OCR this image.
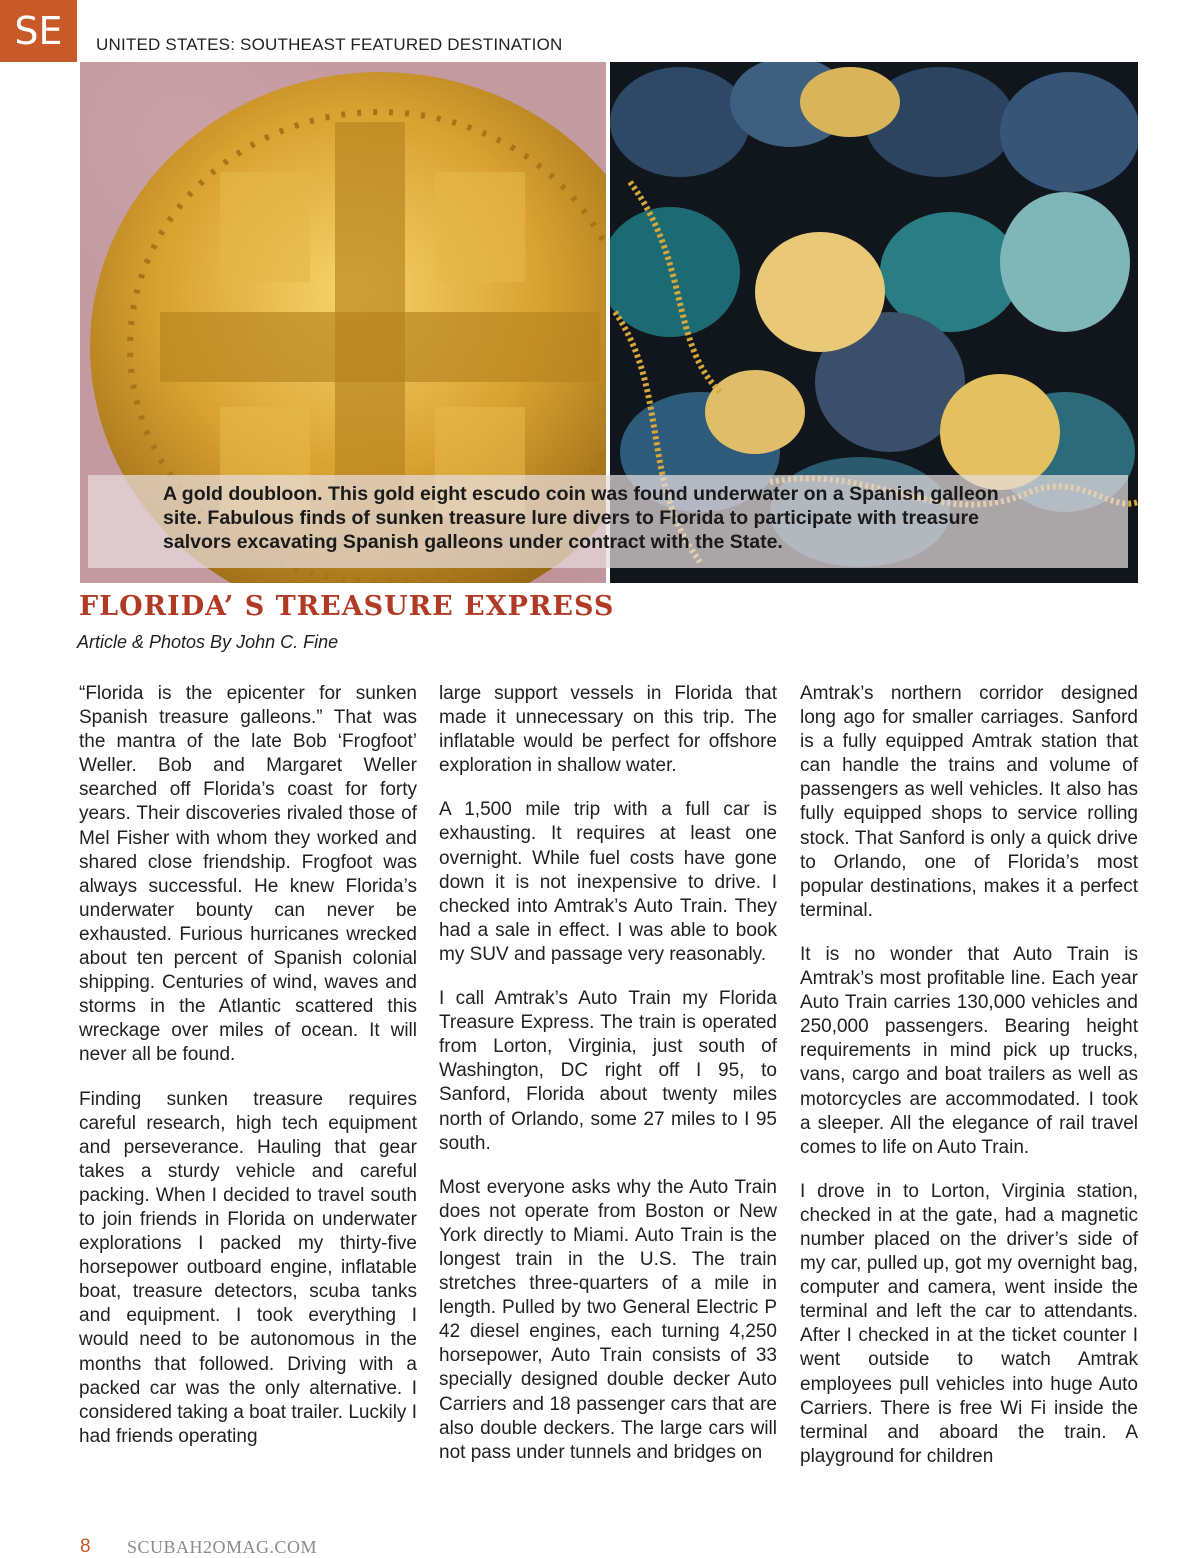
SE	UNITED STATES: SOUTHEAST FEATURED DESTINATION
A gold doubloon. This gold eight escudo coin was found underwater on a Spanish galleon site. Fabulous finds of sunken treasure lure divers to Florida to participate with treasure salvors excavating Spanish galleons under contract with the State.
FLORIDA’ S TREASURE EXPRESS
Article & Photos By John C. Fine

“Florida is the epicenter for sunken Spanish treasure galleons.” That was the mantra of the late Bob ‘Frogfoot’ Weller. Bob and Margaret Weller searched off Florida’s coast for forty years. Their discoveries rivaled those of Mel Fisher with whom they worked and shared close friendship. Frogfoot was always successful. He knew Florida’s underwater bounty can never be exhausted. Furious hurricanes wrecked about ten percent of Spanish colonial shipping. Centuries of wind, waves and storms in the Atlantic scattered this wreckage over miles of ocean. It will never all be found.

Finding sunken treasure requires careful research, high tech equipment and perseverance. Hauling that gear takes a sturdy vehicle and careful packing. When I decided to travel south to join friends in Florida on underwater explorations I packed my thirty-five horsepower outboard engine, inflatable boat, treasure detectors, scuba tanks and equipment. I took everything I would need to be autonomous in the months that followed. Driving with a packed car was the only alternative. I considered taking a boat trailer. Luckily I had friends operating

large support vessels in Florida that made it unnecessary on this trip. The inflatable would be perfect for offshore exploration in shallow water.

A 1,500 mile trip with a full car is exhausting. It requires at least one overnight. While fuel costs have gone down it is not inexpensive to drive. I checked into Amtrak’s Auto Train. They had a sale in effect. I was able to book my SUV and passage very reasonably.

I call Amtrak’s Auto Train my Florida Treasure Express. The train is operated from Lorton, Virginia, just south of Washington, DC right off I 95, to Sanford, Florida about twenty miles north of Orlando, some 27 miles to I 95 south.

Most everyone asks why the Auto Train does not operate from Boston or New York directly to Miami. Auto Train is the longest train in the U.S. The train stretches three-quarters of a mile in length. Pulled by two General Electric P 42 diesel engines, each turning 4,250 horsepower, Auto Train consists of 33 specially designed double decker Auto Carriers and 18 passenger cars that are also double deckers. The large cars will not pass under tunnels and bridges on

Amtrak’s northern corridor designed long ago for smaller carriages. Sanford is a fully equipped Amtrak station that can handle the trains and volume of passengers as well vehicles. It also has fully equipped shops to service rolling stock. That Sanford is only a quick drive to Orlando, one of Florida’s most popular destinations, makes it a perfect terminal.

It is no wonder that Auto Train is Amtrak’s most profitable line. Each year Auto Train carries 130,000 vehicles and 250,000 passengers. Bearing height requirements in mind pick up trucks, vans, cargo and boat trailers as well as motorcycles are accommodated. I took a sleeper. All the elegance of rail travel comes to life on Auto Train.

I drove in to Lorton, Virginia station, checked in at the gate, had a magnetic number placed on the driver’s side of my car, pulled up, got my overnight bag, computer and camera, went inside the terminal and left the car to attendants. After I checked in at the ticket counter I went outside to watch Amtrak employees pull vehicles into huge Auto Carriers. There is free Wi Fi inside the terminal and aboard the train. A playground for children

8 SCUBAH2OMAG.COM
